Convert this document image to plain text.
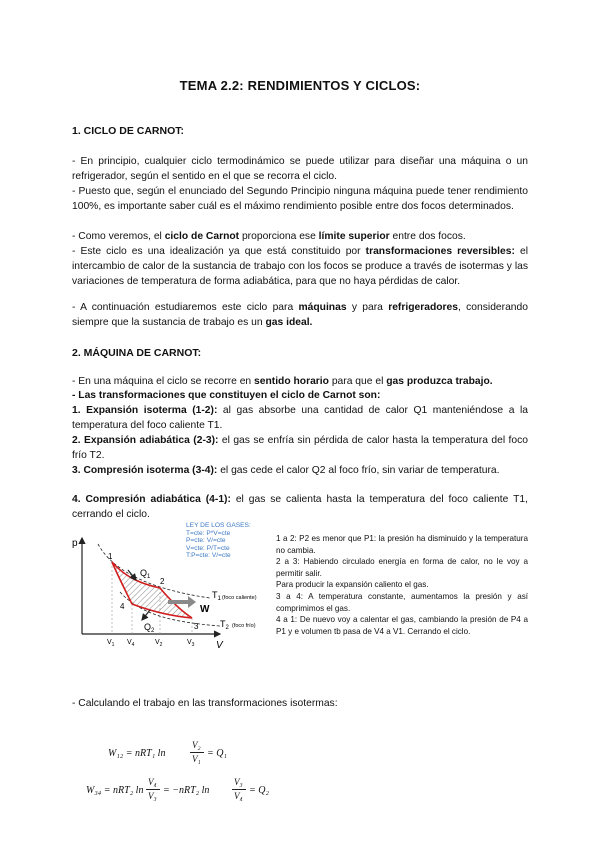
TEMA 2.2: RENDIMIENTOS Y CICLOS:
1. CICLO DE CARNOT:
- En principio, cualquier ciclo termodinámico se puede utilizar para diseñar una máquina o un refrigerador, según el sentido en el que se recorra el ciclo.
- Puesto que, según el enunciado del Segundo Principio ninguna máquina puede tener rendimiento 100%, es importante saber cuál es el máximo rendimiento posible entre dos focos determinados.
- Como veremos, el ciclo de Carnot proporciona ese límite superior entre dos focos.
- Este ciclo es una idealización ya que está constituido por transformaciones reversibles: el intercambio de calor de la sustancia de trabajo con los focos se produce a través de isotermas y las variaciones de temperatura de forma adiabática, para que no haya pérdidas de calor.
- A continuación estudiaremos este ciclo para máquinas y para refrigeradores, considerando siempre que la sustancia de trabajo es un gas ideal.
2. MÁQUINA DE CARNOT:
- En una máquina el ciclo se recorre en sentido horario para que el gas produzca trabajo.
- Las transformaciones que constituyen el ciclo de Carnot son:
1. Expansión isoterma (1-2): al gas absorbe una cantidad de calor Q1 manteniéndose a la temperatura del foco caliente T1.
2. Expansión adiabática (2-3): el gas se enfría sin pérdida de calor hasta la temperatura del foco frío T2.
3. Compresión isoterma (3-4): el gas cede el calor Q2 al foco frío, sin variar de temperatura.
4. Compresión adiabática (4-1): el gas se calienta hasta la temperatura del foco caliente T1, cerrando el ciclo.
LEY DE LOS GASES:
T=cte: P*V=cte
P=cte: V/=cte
V=cte: P/T=cte
T:P=cte: V/=cte
p
V
1
2
3
4
$Q_1$
$Q_2$
W
$T_1$ (foco caliente)
$T_2$ (foco frío)
$V_1$ $V_4$	$V_2$	$V_3$
1 a 2: P2 es menor que P1: la presión ha disminuido y la temperatura no cambia.
2 a 3: Habiendo circulado energía en forma de calor, no le voy a permitir salir.
Para producir la expansión caliento el gas.
3 a 4: A temperatura constante, aumentamos la presión y así comprimimos el gas.
4 a 1: De nuevo voy a calentar el gas, cambiando la presión de P4 a P1 y e volumen tb pasa de V4 a V1. Cerrando el ciclo.
- Calculando el trabajo en las transformaciones isotermas:
W₁₂ = nRT₁ ln
V₂
V₁ = Q₁
W₃₄ = nRT₂ ln
V₄
V₃ = −nRT₂ ln
V₃
V₄ = Q₂
